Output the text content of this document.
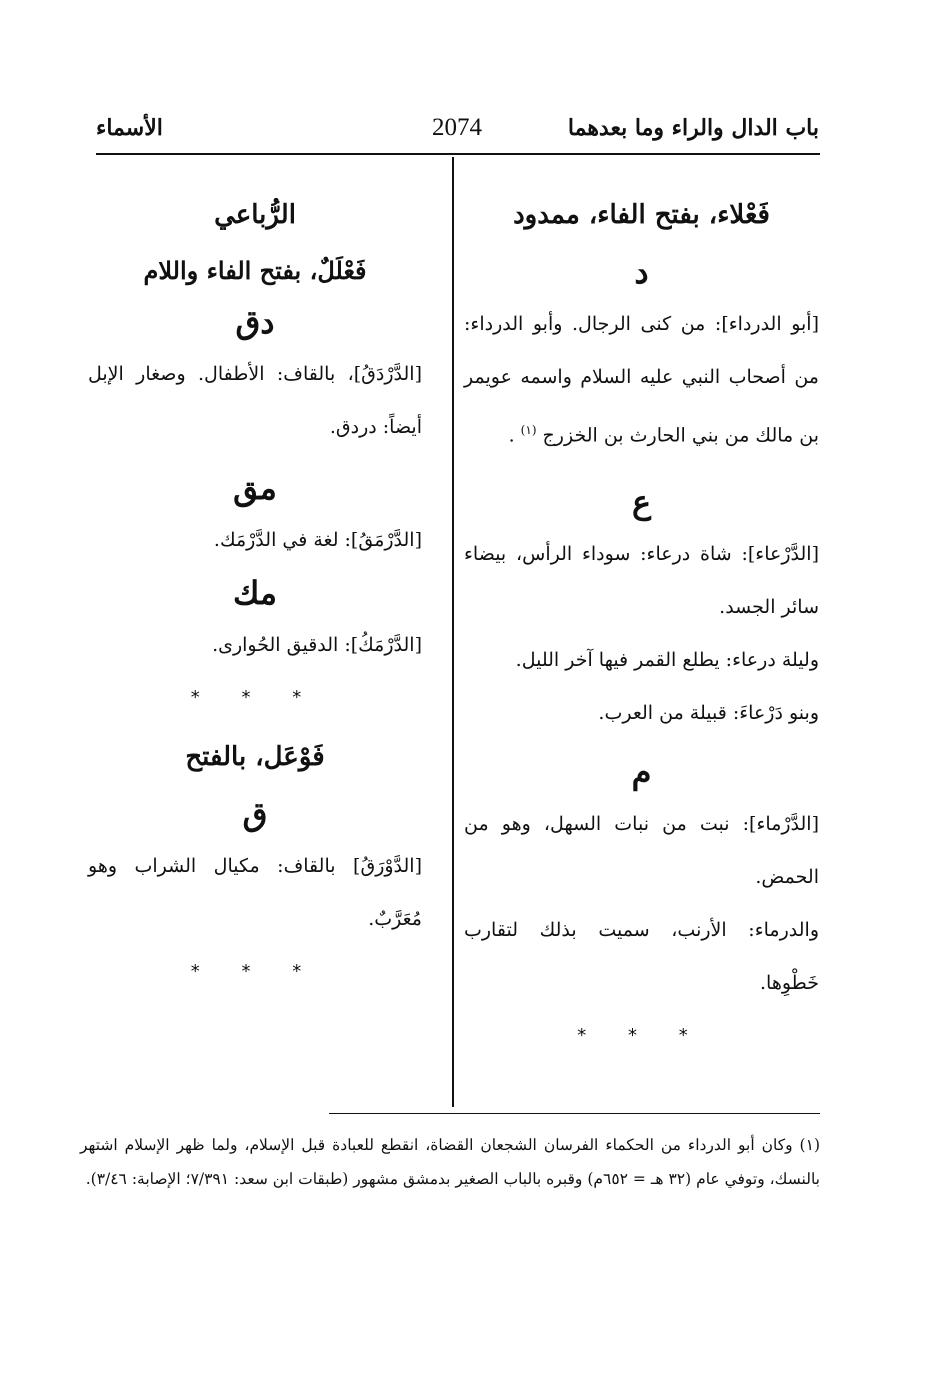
باب الدال والراء وما بعدهما
2074
الأسماء
فَعْلاء، بفتح الفاء، ممدود
د

[أبو الدرداء]: من كنى الرجال. وأبو الدرداء: من أصحاب النبي عليه السلام واسمه عويمر بن مالك من بني الحارث بن الخزرج $^{(١)}$ .

ع

[الدَّرْعاء]: شاة درعاء: سوداء الرأس، بيضاء سائر الجسد.

وليلة درعاء: يطلع القمر فيها آخر الليل.

وبنو دَرْعاءَ: قبيلة من العرب.

م

[الدَّرْماء]: نبت من نبات السهل، وهو من الحمض.

والدرماء: الأرنب، سميت بذلك لتقارب خَطْوِها.

* * *
الرُّباعي
فَعْلَلٌ، بفتح الفاء واللام
دق

[الدَّرْدَقُ]، بالقاف: الأطفال. وصغار الإبل أيضاً: دردق.

مق

[الدَّرْمَقُ]: لغة في الدَّرْمَك.

مك

[الدَّرْمَكُ]: الدقيق الحُوارى.

* * *
فَوْعَل، بالفتح
ق

[الدَّوْرَقُ] بالقاف: مكيال الشراب وهو مُعَرَّبٌ.

* * *
(١) وكان أبو الدرداء من الحكماء الفرسان الشجعان القضاة، انقطع للعبادة قبل الإسلام، ولما ظهر الإسلام اشتهر بالنسك، وتوفي عام (٣٢ هـ = ٦٥٢م) وقبره بالباب الصغير بدمشق مشهور (طبقات ابن سعد: ٧/٣٩١؛ الإصابة: ٣/٤٦).
